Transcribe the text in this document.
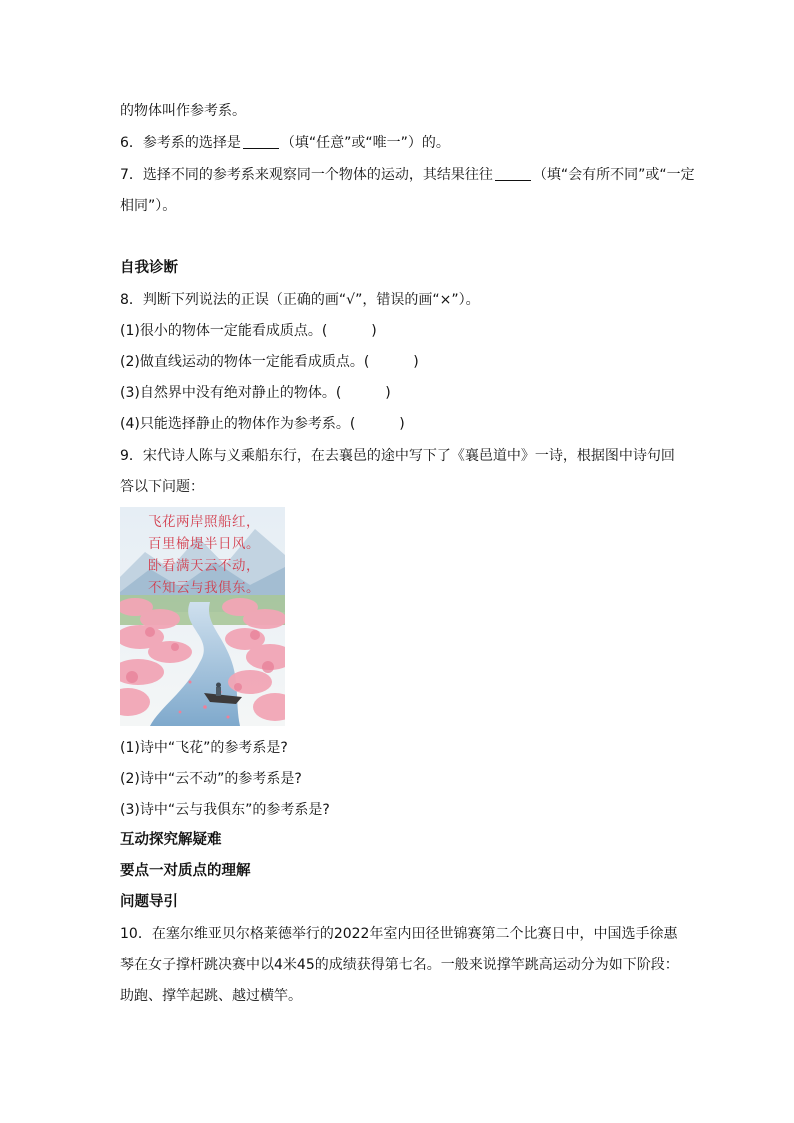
的物体叫作参考系。
6．参考系的选择是	（填“任意”或“唯一”）的。
7．选择不同的参考系来观察同一个物体的运动，其结果往往	（填“会有所不同”或“一定
相同”）。
自我诊断
8．判断下列说法的正误（正确的画“√”，错误的画“×”）。
(1)很小的物体一定能看成质点。(	)
(2)做直线运动的物体一定能看成质点。(	)
(3)自然界中没有绝对静止的物体。(	)
(4)只能选择静止的物体作为参考系。(	)
9．宋代诗人陈与义乘船东行，在去襄邑的途中写下了《襄邑道中》一诗，根据图中诗句回
答以下问题：
飞花两岸照船红，
百里榆堤半日风。
卧看满天云不动，
不知云与我俱东。
(1)诗中“飞花”的参考系是?
(2)诗中“云不动”的参考系是?
(3)诗中“云与我俱东”的参考系是?
互动探究解疑难
要点一对质点的理解
问题导引
10．在塞尔维亚贝尔格莱德举行的2022年室内田径世锦赛第二个比赛日中，中国选手徐惠
琴在女子撑杆跳决赛中以4米45的成绩获得第七名。一般来说撑竿跳高运动分为如下阶段：
助跑、撑竿起跳、越过横竿。
